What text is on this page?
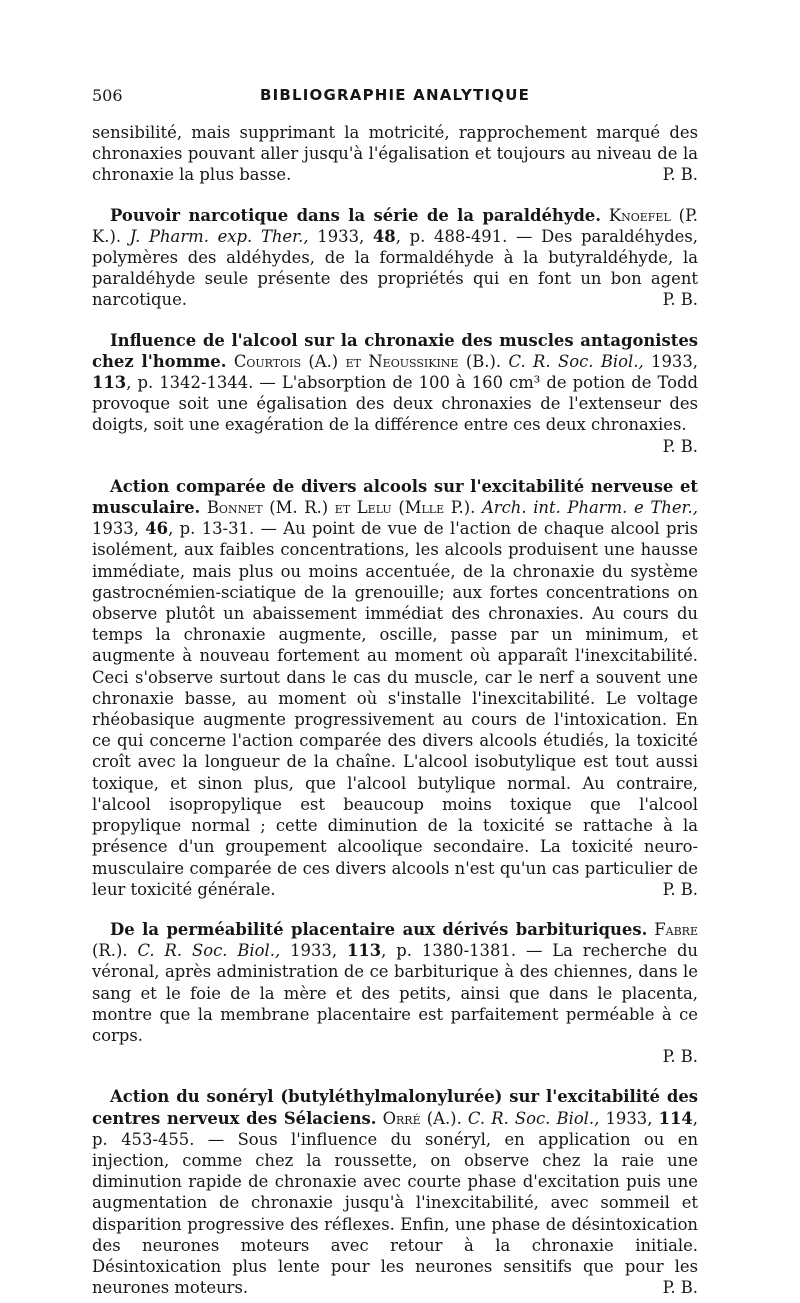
506	BIBLIOGRAPHIE ANALYTIQUE

sensibilité, mais supprimant la motricité, rapprochement marqué des chronaxies pouvant aller jusqu'à l'égalisation et toujours au niveau de la chronaxie la plus basse.	P. B.

Pouvoir narcotique dans la série de la paraldéhyde. Knoefel (P. K.). J. Pharm. exp. Ther., 1933, 48, p. 488-491. — Des paraldéhydes, polymères des aldéhydes, de la formaldéhyde à la butyraldéhyde, la paraldéhyde seule présente des propriétés qui en font un bon agent narcotique.	P. B.

Influence de l'alcool sur la chronaxie des muscles antagonistes chez l'homme. Courtois (A.) et Neoussikine (B.). C. R. Soc. Biol., 1933, 113, p. 1342-1344. — L'absorption de 100 à 160 cm³ de potion de Todd provoque soit une égalisation des deux chronaxies de l'extenseur des doigts, soit une exagération de la différence entre ces deux chronaxies.

P. B.

Action comparée de divers alcools sur l'excitabilité nerveuse et musculaire. Bonnet (M. R.) et Lelu (Mlle P.). Arch. int. Pharm. e Ther., 1933, 46, p. 13-31. — Au point de vue de l'action de chaque alcool pris isolément, aux faibles concentrations, les alcools produisent une hausse immédiate, mais plus ou moins accentuée, de la chronaxie du système gastrocnémien-sciatique de la grenouille; aux fortes concentrations on observe plutôt un abaissement immédiat des chronaxies. Au cours du temps la chronaxie augmente, oscille, passe par un minimum, et augmente à nouveau fortement au moment où apparaît l'inexcitabilité. Ceci s'observe surtout dans le cas du muscle, car le nerf a souvent une chronaxie basse, au moment où s'installe l'inexcitabilité. Le voltage rhéobasique augmente progressivement au cours de l'intoxication. En ce qui concerne l'action comparée des divers alcools étudiés, la toxicité croît avec la longueur de la chaîne. L'alcool isobutylique est tout aussi toxique, et sinon plus, que l'alcool butylique normal. Au contraire, l'alcool isopropylique est beaucoup moins toxique que l'alcool propylique normal ; cette diminution de la toxicité se rattache à la présence d'un groupement alcoolique secondaire. La toxicité neuro-musculaire comparée de ces divers alcools n'est qu'un cas particulier de leur toxicité générale.	P. B.

De la perméabilité placentaire aux dérivés barbituriques. Fabre (R.). C. R. Soc. Biol., 1933, 113, p. 1380-1381. — La recherche du véronal, après administration de ce barbiturique à des chiennes, dans le sang et le foie de la mère et des petits, ainsi que dans le placenta, montre que la membrane placentaire est parfaitement perméable à ce corps.

P. B.

Action du sonéryl (butyléthylmalonylurée) sur l'excitabilité des centres nerveux des Sélaciens. Orré (A.). C. R. Soc. Biol., 1933, 114, p. 453-455. — Sous l'influence du sonéryl, en application ou en injection, comme chez la roussette, on observe chez la raie une diminution rapide de chronaxie avec courte phase d'excitation puis une augmentation de chronaxie jusqu'à l'inexcitabilité, avec sommeil et disparition progressive des réflexes. Enfin, une phase de désintoxication des neurones moteurs avec retour à la chronaxie initiale. Désintoxication plus lente pour les neurones sensitifs que pour les neurones moteurs.	P. B.
